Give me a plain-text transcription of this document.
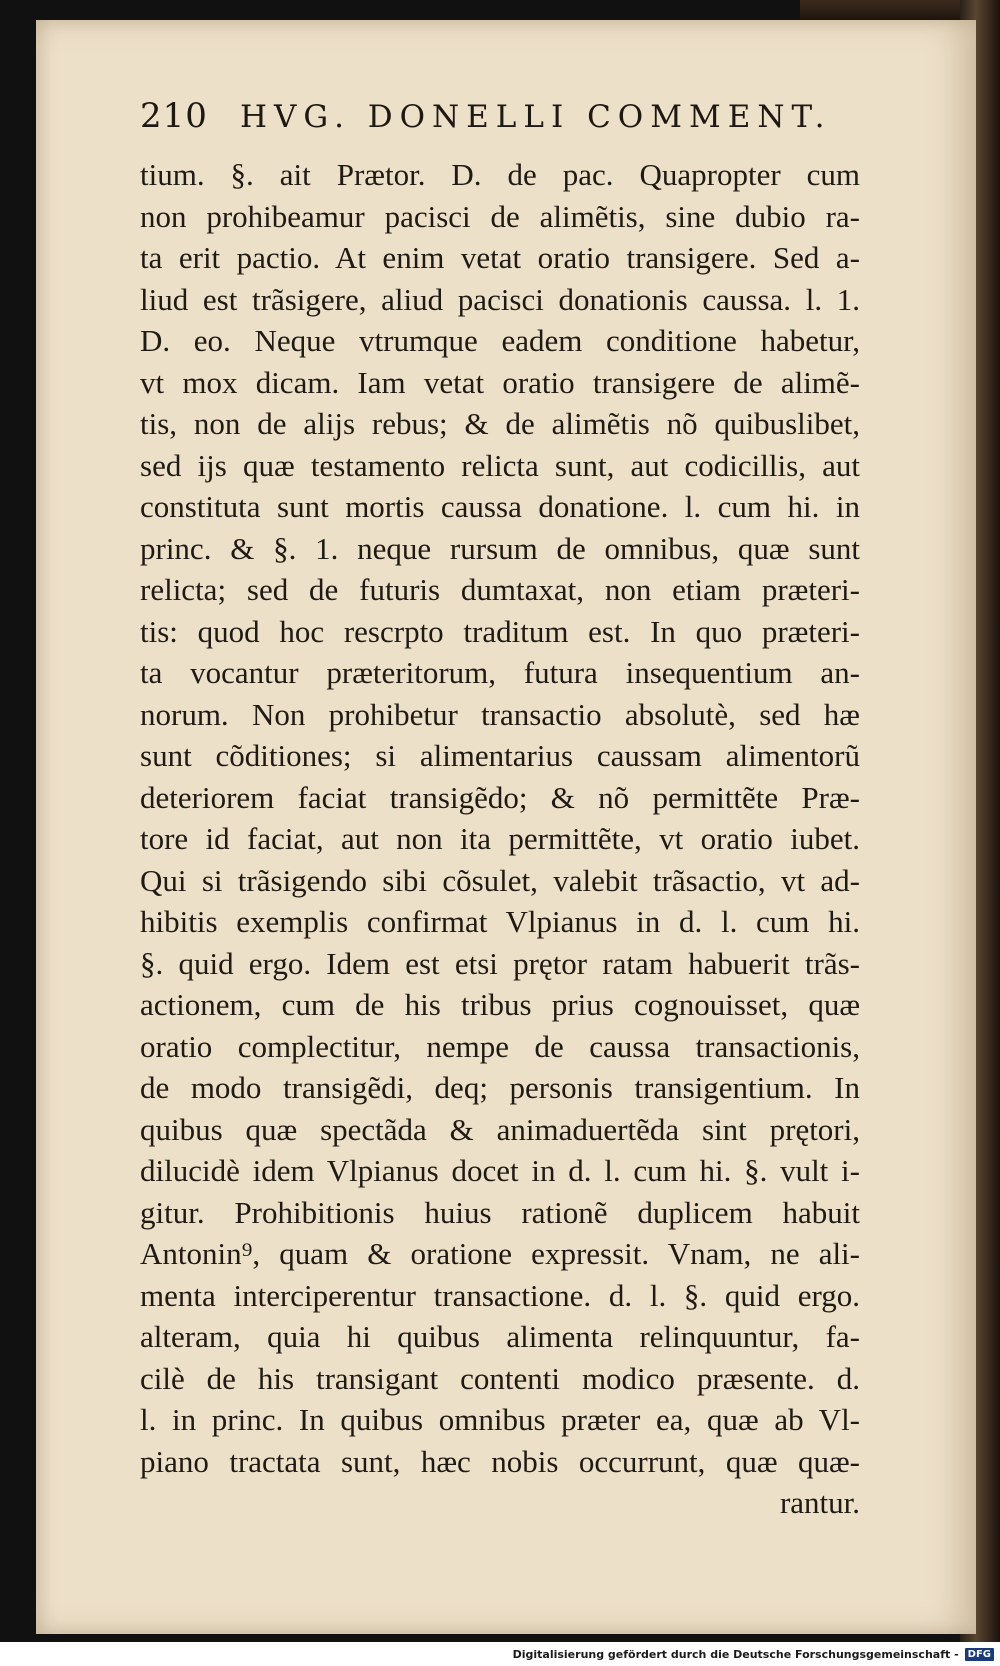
210	HVG. DONELLI COMMENT.
tium. §. ait Prætor. D. de pac. Quapropter cum
non prohibeamur pacisci de alimẽtis, sine dubio ra-
ta erit pactio. At enim vetat oratio transigere. Sed a-
liud est trãsigere, aliud pacisci donationis caussa. l. 1.
D. eo. Neque vtrumque eadem conditione habetur,
vt mox dicam. Iam vetat oratio transigere de alimẽ-
tis, non de alijs rebus; & de alimẽtis nõ quibuslibet,
sed ijs quæ testamento relicta sunt, aut codicillis, aut
constituta sunt mortis caussa donatione. l. cum hi. in
princ. & §. 1. neque rursum de omnibus, quæ sunt
relicta; sed de futuris dumtaxat, non etiam præteri-
tis: quod hoc rescrpto traditum est. In quo præteri-
ta vocantur præteritorum, futura insequentium an-
norum. Non prohibetur transactio absolutè, sed hæ
sunt cõditiones; si alimentarius caussam alimentorũ
deteriorem faciat transigẽdo; & nõ permittẽte Præ-
tore id faciat, aut non ita permittẽte, vt oratio iubet.
Qui si trãsigendo sibi cõsulet, valebit trãsactio, vt ad-
hibitis exemplis confirmat Vlpianus in d. l. cum hi.
§. quid ergo. Idem est etsi prętor ratam habuerit trãs-
actionem, cum de his tribus prius cognouisset, quæ
oratio complectitur, nempe de caussa transactionis,
de modo transigẽdi, deq; personis transigentium. In
quibus quæ spectãda & animaduertẽda sint prętori,
dilucidè idem Vlpianus docet in d. l. cum hi. §. vult i-
gitur. Prohibitionis huius rationẽ duplicem habuit
Antonin⁹, quam & oratione expressit. Vnam, ne ali-
menta interciperentur transactione. d. l. §. quid ergo.
alteram, quia hi quibus alimenta relinquuntur, fa-
cilè de his transigant contenti modico præsente. d.
l. in princ. In quibus omnibus præter ea, quæ ab Vl-
piano tractata sunt, hæc nobis occurrunt, quæ quæ-
rantur.
Digitalisierung gefördert durch die Deutsche Forschungsgemeinschaft - DFG
